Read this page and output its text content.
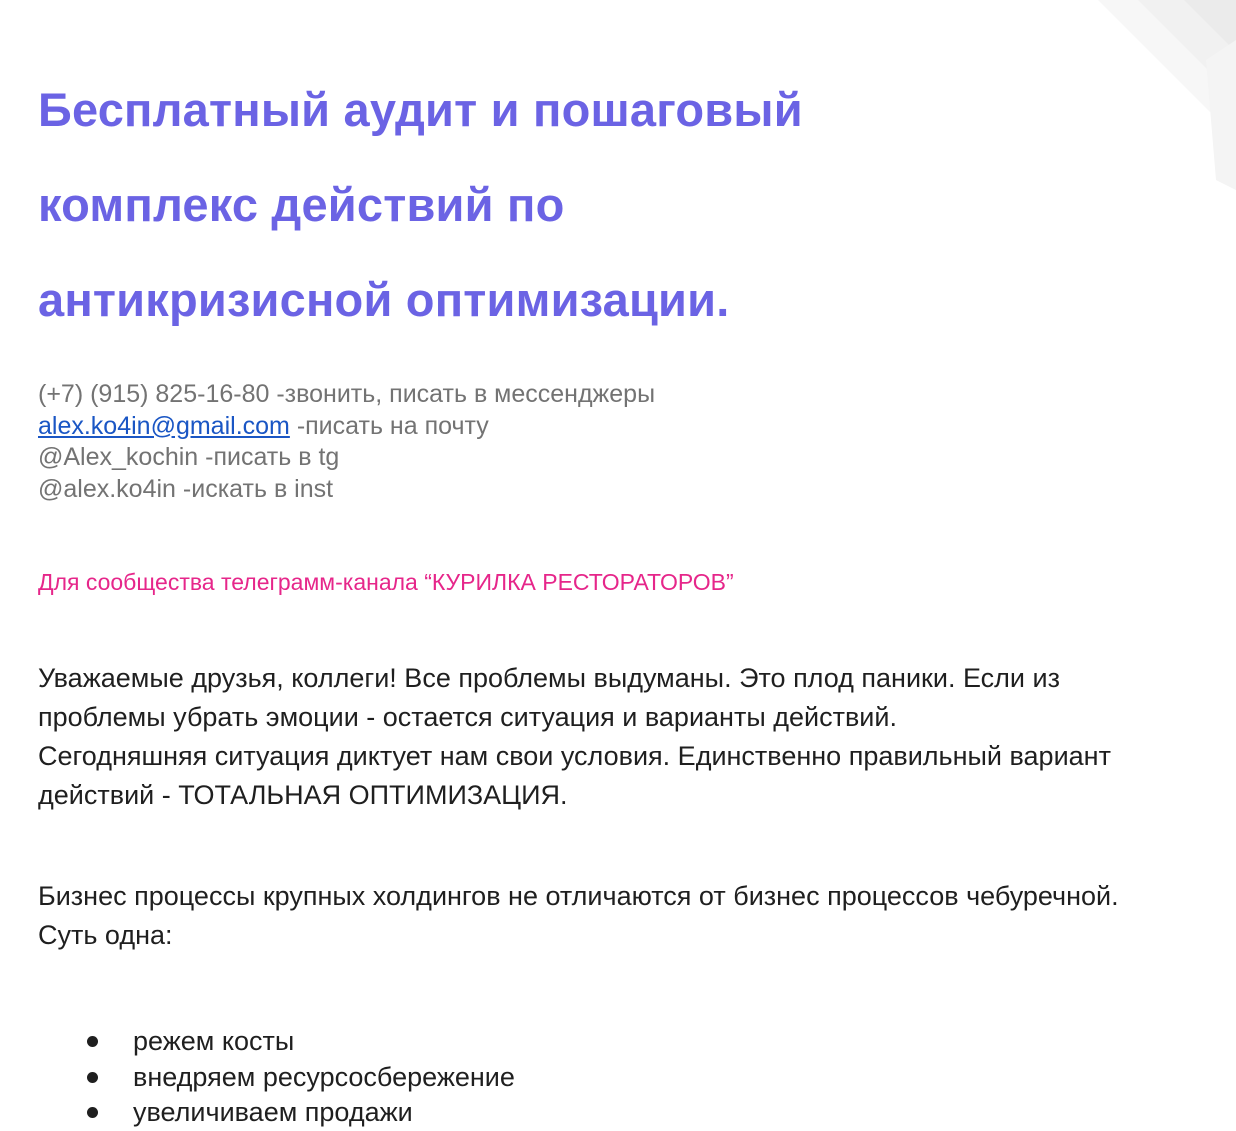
Бесплатный аудит и пошаговый
комплекс действий по
антикризисной оптимизации.
(+7) (915) 825-16-80 -звонить, писать в мессенджеры
alex.ko4in@gmail.com -писать на почту
@Alex_kochin -писать в tg
@alex.ko4in -искать в inst
Для сообщества телеграмм-канала “КУРИЛКА РЕСТОРАТОРОВ”
Уважаемые друзья, коллеги! Все проблемы выдуманы. Это плод паники. Если из
проблемы убрать эмоции - остается ситуация и варианты действий.
Сегодняшняя ситуация диктует нам свои условия. Единственно правильный вариант
действий - ТОТАЛЬНАЯ ОПТИМИЗАЦИЯ.
Бизнес процессы крупных холдингов не отличаются от бизнес процессов чебуречной.
Суть одна:
режем косты
внедряем ресурсосбережение
увеличиваем продажи
